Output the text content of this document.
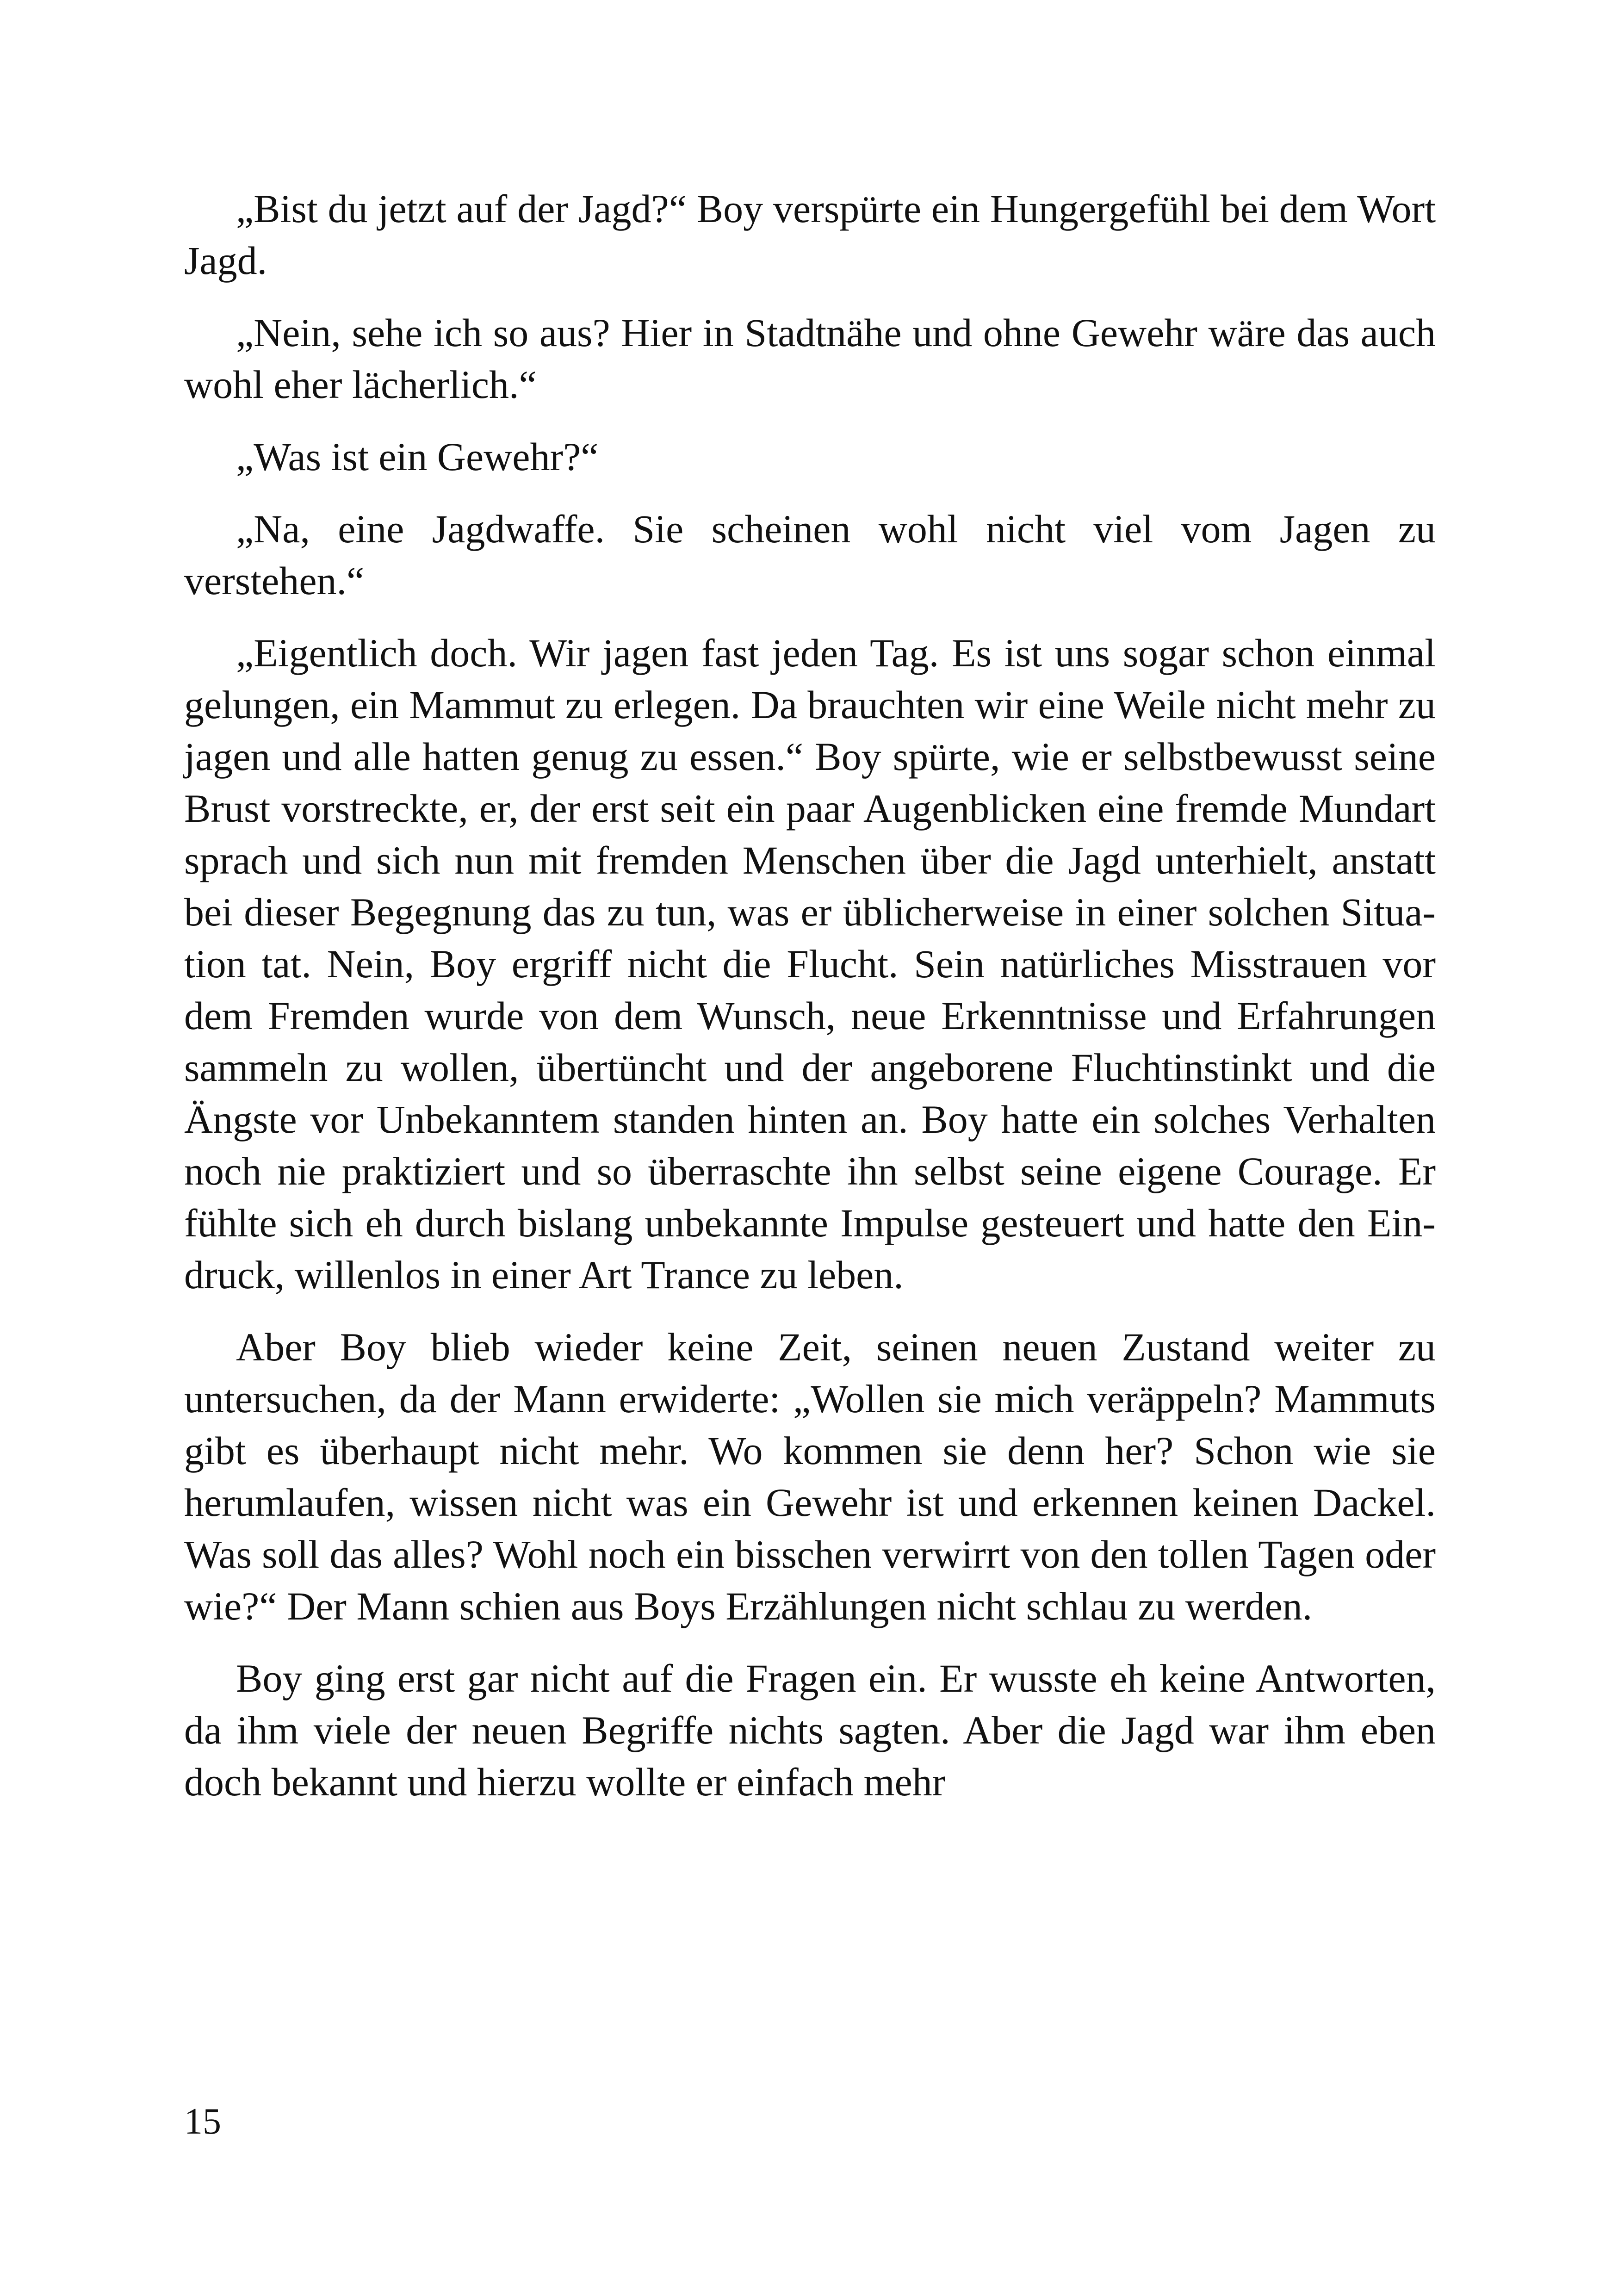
„Bist du jetzt auf der Jagd?“ Boy verspürte ein Hungergefühl bei dem Wort Jagd.

„Nein, sehe ich so aus? Hier in Stadtnähe und ohne Gewehr wäre das auch wohl eher lächerlich.“

„Was ist ein Gewehr?“

„Na, eine Jagdwaffe. Sie scheinen wohl nicht viel vom Jagen zu verstehen.“

„Eigentlich doch. Wir jagen fast jeden Tag. Es ist uns sogar schon einmal gelungen, ein Mammut zu erlegen. Da brauchten wir eine Weile nicht mehr zu jagen und alle hatten genug zu essen.“ Boy spürte, wie er selbstbewusst seine Brust vorstreckte, er, der erst seit ein paar Augenblicken eine fremde Mundart sprach und sich nun mit fremden Menschen über die Jagd unterhielt, anstatt bei dieser Begegnung das zu tun, was er üblicherweise in einer solchen Situation tat. Nein, Boy ergriff nicht die Flucht. Sein natürliches Misstrauen vor dem Fremden wurde von dem Wunsch, neue Erkenntnisse und Erfahrungen sammeln zu wollen, übertüncht und der angeborene Fluchtinstinkt und die Ängste vor Unbekanntem standen hinten an. Boy hatte ein solches Verhalten noch nie praktiziert und so überraschte ihn selbst seine eigene Courage. Er fühlte sich eh durch bislang unbekannte Impulse gesteuert und hatte den Eindruck, willenlos in einer Art Trance zu leben.

Aber Boy blieb wieder keine Zeit, seinen neuen Zustand weiter zu untersuchen, da der Mann erwiderte: „Wollen sie mich veräppeln? Mammuts gibt es überhaupt nicht mehr. Wo kommen sie denn her? Schon wie sie herumlaufen, wissen nicht was ein Gewehr ist und erkennen keinen Dackel. Was soll das alles? Wohl noch ein bisschen verwirrt von den tollen Tagen oder wie?“ Der Mann schien aus Boys Erzählungen nicht schlau zu werden.

Boy ging erst gar nicht auf die Fragen ein. Er wusste eh keine Antworten, da ihm viele der neuen Begriffe nichts sagten. Aber die Jagd war ihm eben doch bekannt und hierzu wollte er einfach mehr

15
